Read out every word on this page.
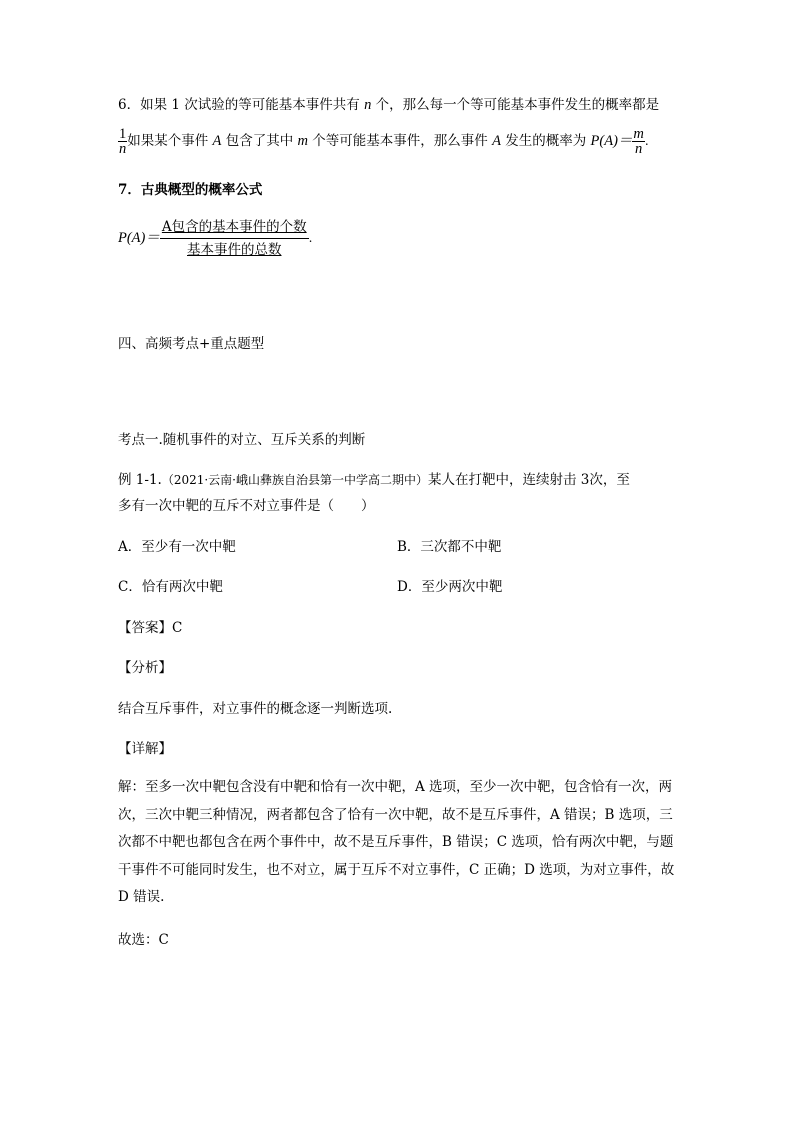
6．如果 1 次试验的等可能基本事件共有 n 个，那么每一个等可能基本事件发生的概率都是
$\frac{1}{n}$ 如果某个事件 A 包含了其中 m 个等可能基本事件，那么事件 A 发生的概率为 $P(A)= \frac{m}{n}$ .
7．古典概型的概率公式
$P(A)= \frac{\text{A包含的基本事件的个数}}{\text{基本事件的总数}}$ .
四、高频考点+重点题型
考点一.随机事件的对立、互斥关系的判断
例 1-1.（2021·云南·峨山彝族自治县第一中学高二期中）某人在打靶中，连续射击 3次，至
多有一次中靶的互斥不对立事件是（　　）
A．至少有一次中靶	B．三次都不中靶
C．恰有两次中靶	D．至少两次中靶
【答案】C
【分析】
结合互斥事件，对立事件的概念逐一判断选项.
【详解】
解：至多一次中靶包含没有中靶和恰有一次中靶，A 选项，至少一次中靶，包含恰有一次，两次，三次中靶三种情况，两者都包含了恰有一次中靶，故不是互斥事件，A 错误；B 选项，三次都不中靶也都包含在两个事件中，故不是互斥事件，B 错误；C 选项，恰有两次中靶，与题干事件不可能同时发生，也不对立，属于互斥不对立事件，C 正确；D 选项，为对立事件，故 D 错误.
故选：C
